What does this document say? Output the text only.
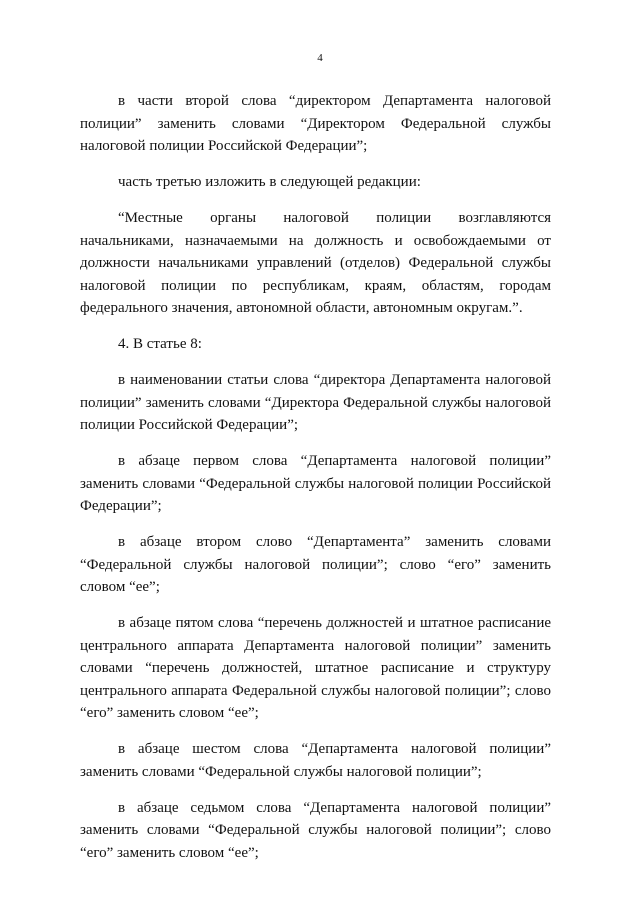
4

в части второй слова “директором Департамента налоговой полиции” заменить словами “Директором Федеральной службы налоговой полиции Российской Федерации”;

часть третью изложить в следующей редакции:

“Местные органы налоговой полиции возглавляются начальниками, назначаемыми на должность и освобождаемыми от должности начальниками управлений (отделов) Федеральной службы налоговой полиции по республикам, краям, областям, городам федерального значения, автономной области, автономным округам.”.

4. В статье 8:

в наименовании статьи слова “директора Департамента налоговой полиции” заменить словами “Директора Федеральной службы налоговой полиции Российской Федерации”;

в абзаце первом слова “Департамента налоговой полиции” заменить словами “Федеральной службы налоговой полиции Российской Федерации”;

в абзаце втором слово “Департамента” заменить словами “Федеральной службы налоговой полиции”; слово “его” заменить словом “ее”;

в абзаце пятом слова “перечень должностей и штатное расписание центрального аппарата Департамента налоговой полиции” заменить словами “перечень должностей, штатное расписание и структуру центрального аппарата Федеральной службы налоговой полиции”; слово “его” заменить словом “ее”;

в абзаце шестом слова “Департамента налоговой полиции” заменить словами “Федеральной службы налоговой полиции”;

в абзаце седьмом слова “Департамента налоговой полиции” заменить словами “Федеральной службы налоговой полиции”; слово “его” заменить словом “ее”;
